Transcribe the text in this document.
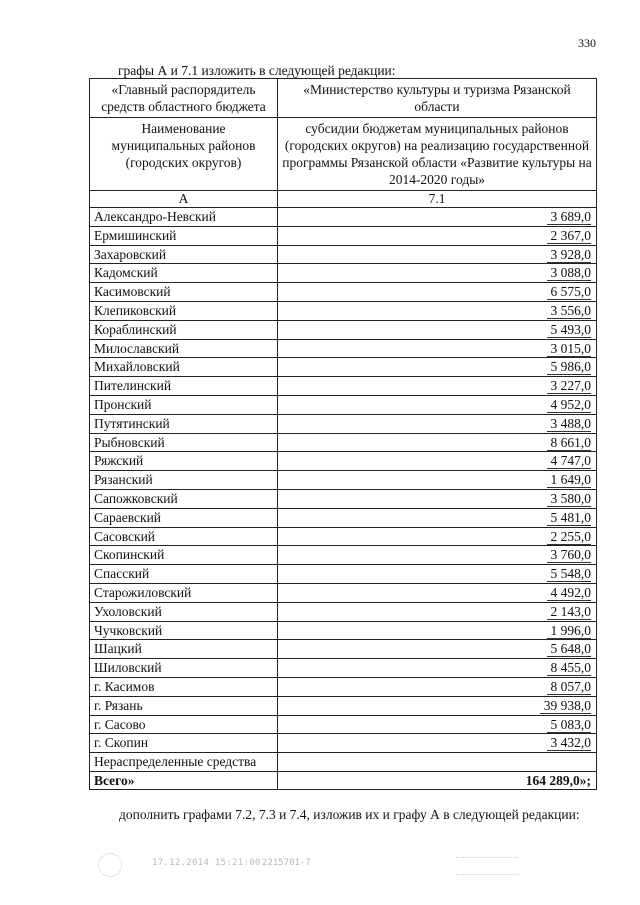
330
графы А и 7.1 изложить в следующей редакции:
«Главный распорядитель средств областного бюджета	«Министерство культуры и туризма Рязанской области
Наименование муниципальных районов (городских округов)	субсидии бюджетам муниципальных районов (городских округов) на реализацию государственной программы Рязанской области «Развитие культуры на 2014-2020 годы»
А	7.1
Александро-Невский	3 689,0
Ермишинский	2 367,0
Захаровский	3 928,0
Кадомский	3 088,0
Касимовский	6 575,0
Клепиковский	3 556,0
Кораблинский	5 493,0
Милославский	3 015,0
Михайловский	5 986,0
Пителинский	3 227,0
Пронский	4 952,0
Путятинский	3 488,0
Рыбновский	8 661,0
Ряжский	4 747,0
Рязанский	1 649,0
Сапожковский	3 580,0
Сараевский	5 481,0
Сасовский	2 255,0
Скопинский	3 760,0
Спасский	5 548,0
Старожиловский	4 492,0
Ухоловский	2 143,0
Чучковский	1 996,0
Шацкий	5 648,0
Шиловский	8 455,0
г. Касимов	8 057,0
г. Рязань	39 938,0
г. Сасово	5 083,0
г. Скопин	3 432,0
Нераспределенные средства	
Всего»	164 289,0»;
дополнить графами 7.2, 7.3 и 7.4, изложив их и графу А в следующей редакции:
17.12.2014 15:21:00 2215701-7
